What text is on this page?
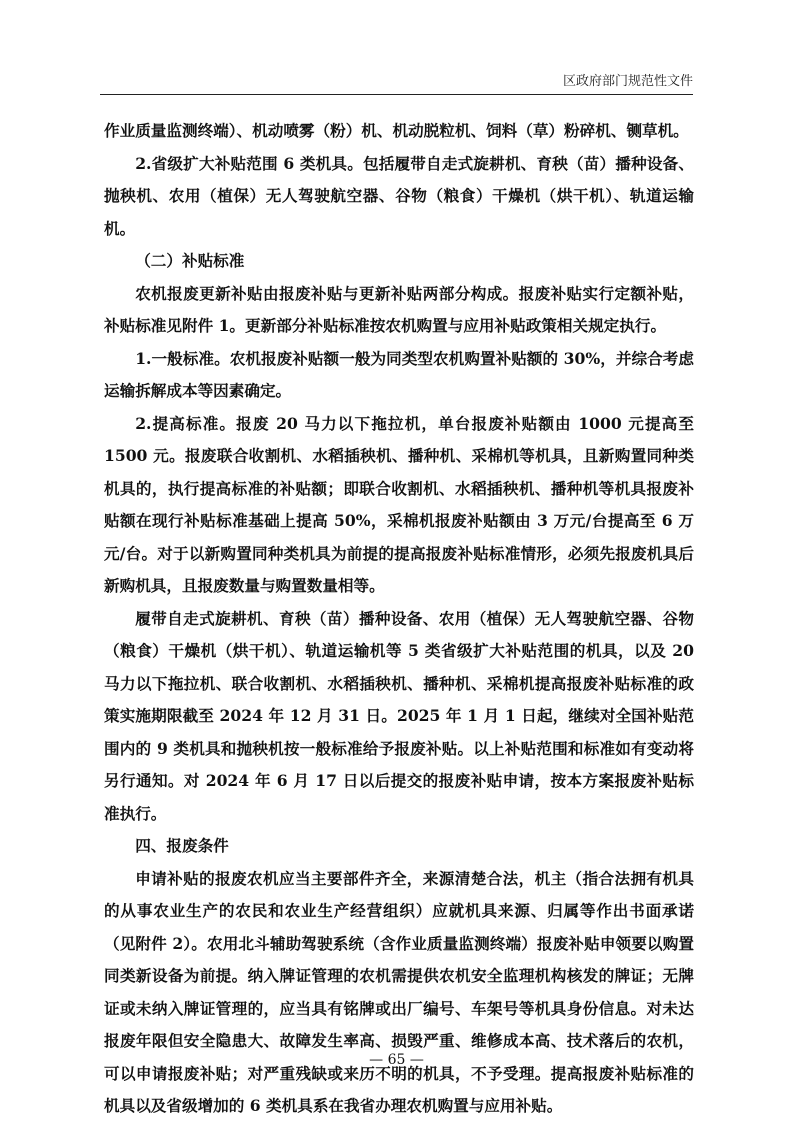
区政府部门规范性文件

作业质量监测终端）、机动喷雾（粉）机、机动脱粒机、饲料（草）粉碎机、铡草机。

2.省级扩大补贴范围 6 类机具。包括履带自走式旋耕机、育秧（苗）播种设备、抛秧机、农用（植保）无人驾驶航空器、谷物（粮食）干燥机（烘干机）、轨道运输机。

（二）补贴标准

农机报废更新补贴由报废补贴与更新补贴两部分构成。报废补贴实行定额补贴，补贴标准见附件 1。更新部分补贴标准按农机购置与应用补贴政策相关规定执行。

1.一般标准。农机报废补贴额一般为同类型农机购置补贴额的 30%，并综合考虑运输拆解成本等因素确定。

2.提高标准。报废 20 马力以下拖拉机，单台报废补贴额由 1000 元提高至 1500 元。报废联合收割机、水稻插秧机、播种机、采棉机等机具，且新购置同种类机具的，执行提高标准的补贴额；即联合收割机、水稻插秧机、播种机等机具报废补贴额在现行补贴标准基础上提高 50%，采棉机报废补贴额由 3 万元/台提高至 6 万元/台。对于以新购置同种类机具为前提的提高报废补贴标准情形，必须先报废机具后新购机具，且报废数量与购置数量相等。

履带自走式旋耕机、育秧（苗）播种设备、农用（植保）无人驾驶航空器、谷物（粮食）干燥机（烘干机）、轨道运输机等 5 类省级扩大补贴范围的机具，以及 20 马力以下拖拉机、联合收割机、水稻插秧机、播种机、采棉机提高报废补贴标准的政策实施期限截至 2024 年 12 月 31 日。2025 年 1 月 1 日起，继续对全国补贴范围内的 9 类机具和抛秧机按一般标准给予报废补贴。以上补贴范围和标准如有变动将另行通知。对 2024 年 6 月 17 日以后提交的报废补贴申请，按本方案报废补贴标准执行。

四、报废条件

申请补贴的报废农机应当主要部件齐全，来源清楚合法，机主（指合法拥有机具的从事农业生产的农民和农业生产经营组织）应就机具来源、归属等作出书面承诺（见附件 2）。农用北斗辅助驾驶系统（含作业质量监测终端）报废补贴申领要以购置同类新设备为前提。纳入牌证管理的农机需提供农机安全监理机构核发的牌证；无牌证或未纳入牌证管理的，应当具有铭牌或出厂编号、车架号等机具身份信息。对未达报废年限但安全隐患大、故障发生率高、损毁严重、维修成本高、技术落后的农机，可以申请报废补贴；对严重残缺或来历不明的机具，不予受理。提高报废补贴标准的机具以及省级增加的 6 类机具系在我省办理农机购置与应用补贴。

— 65 —
